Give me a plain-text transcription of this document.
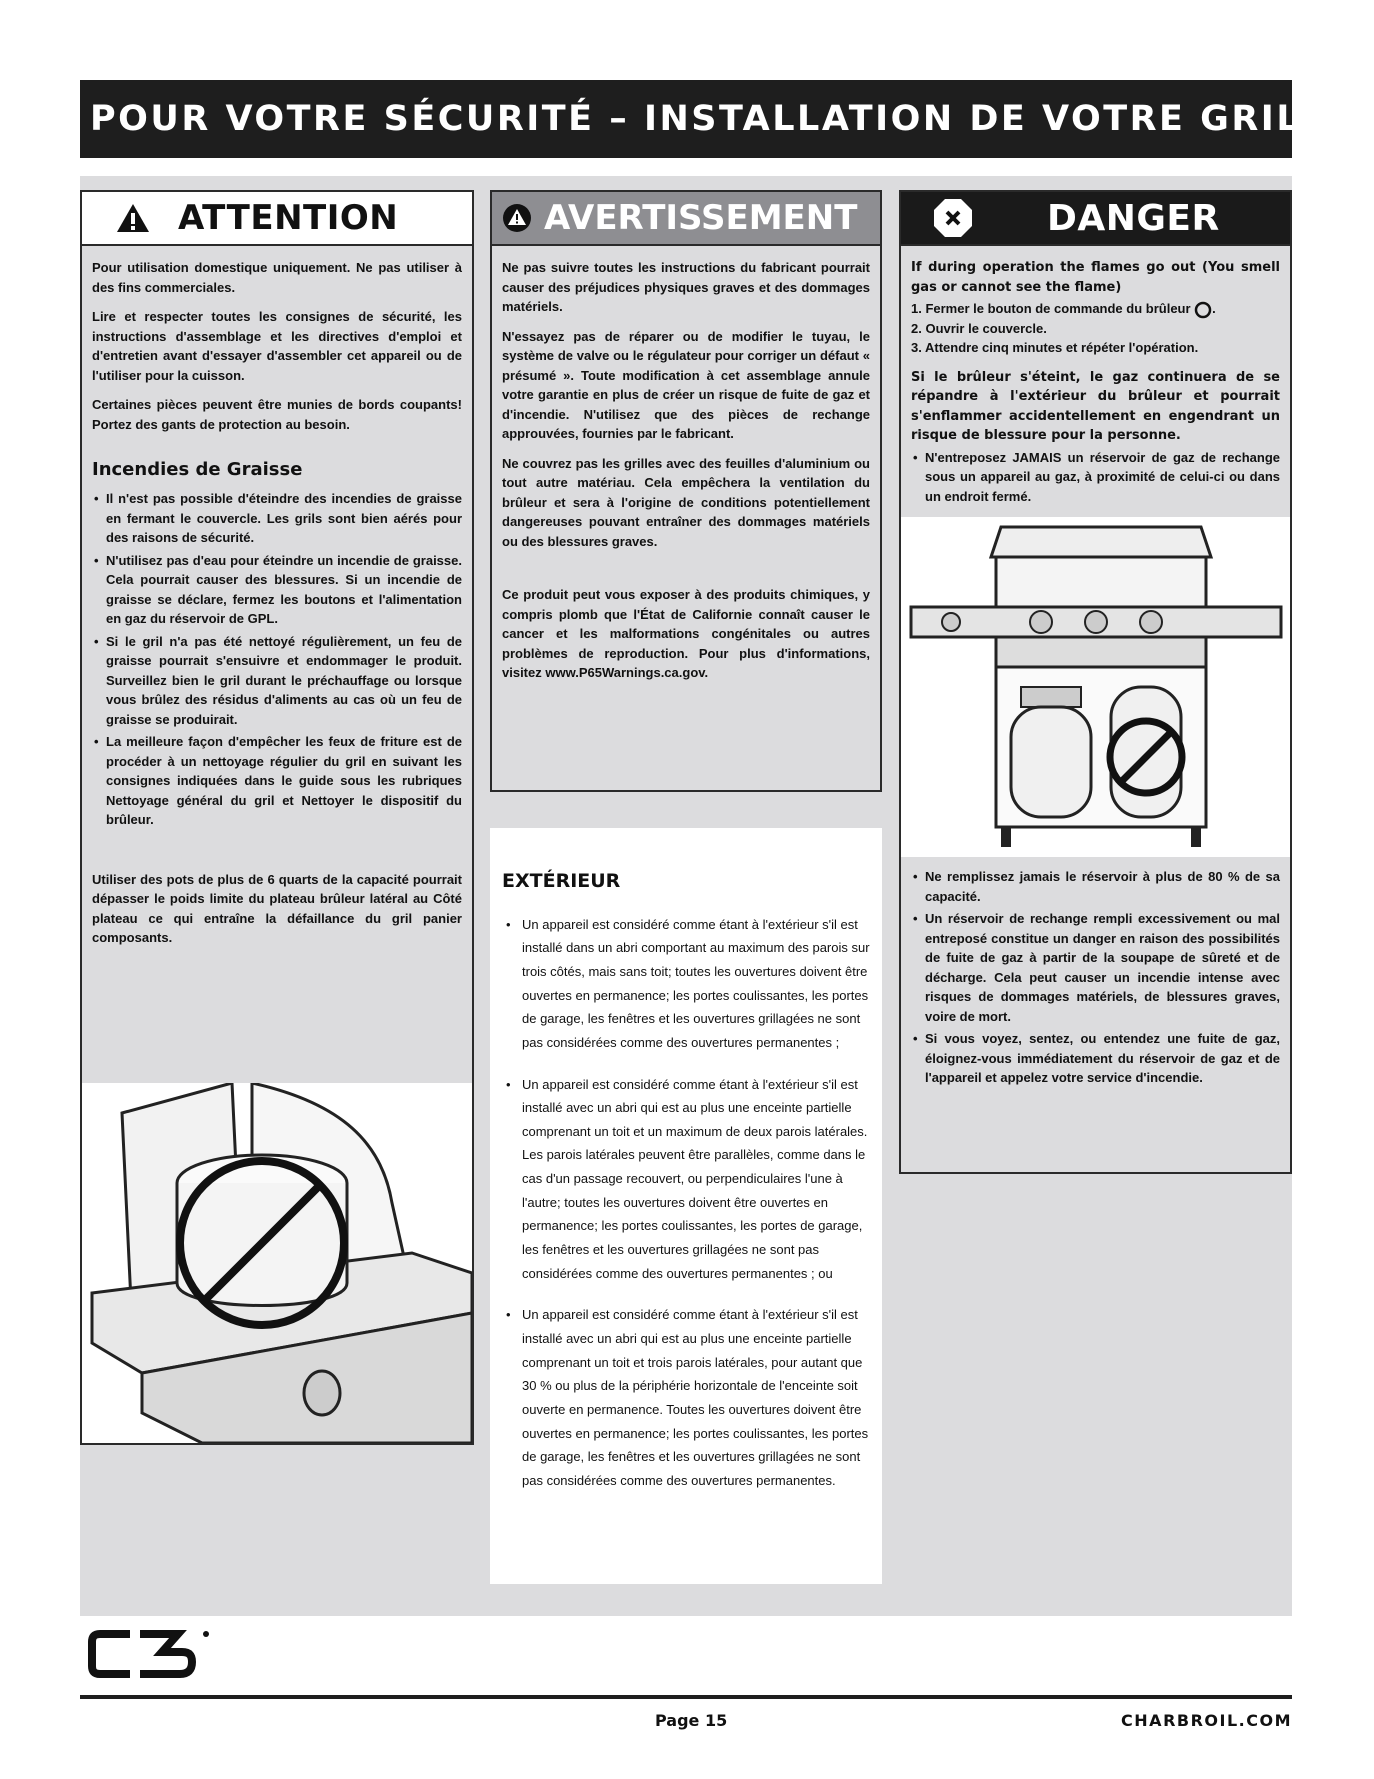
POUR VOTRE SÉCURITÉ – INSTALLATION DE VOTRE GRIL
ATTENTION

Pour utilisation domestique uniquement. Ne pas utiliser à des fins commerciales.

Lire et respecter toutes les consignes de sécurité, les instructions d'assemblage et les directives d'emploi et d'entretien avant d'essayer d'assembler cet appareil ou de l'utiliser pour la cuisson.

Certaines pièces peuvent être munies de bords coupants! Portez des gants de protection au besoin.

Incendies de Graisse
• Il n'est pas possible d'éteindre des incendies de graisse en fermant le couvercle. Les grils sont bien aérés pour des raisons de sécurité.
• N'utilisez pas d'eau pour éteindre un incendie de graisse. Cela pourrait causer des blessures. Si un incendie de graisse se déclare, fermez les boutons et l'alimentation en gaz du réservoir de GPL.
• Si le gril n'a pas été nettoyé régulièrement, un feu de graisse pourrait s'ensuivre et endommager le produit. Surveillez bien le gril durant le préchauffage ou lorsque vous brûlez des résidus d'aliments au cas où un feu de graisse se produirait.
• La meilleure façon d'empêcher les feux de friture est de procéder à un nettoyage régulier du gril en suivant les consignes indiquées dans le guide sous les rubriques Nettoyage général du gril et Nettoyer le dispositif du brûleur.

Utiliser des pots de plus de 6 quarts de la capacité pourrait dépasser le poids limite du plateau brûleur latéral au Côté plateau ce qui entraîne la défaillance du gril panier composants.

AVERTISSEMENT

Ne pas suivre toutes les instructions du fabricant pourrait causer des préjudices physiques graves et des dommages matériels.

N'essayez pas de réparer ou de modifier le tuyau, le système de valve ou le régulateur pour corriger un défaut « présumé ». Toute modification à cet assemblage annule votre garantie en plus de créer un risque de fuite de gaz et d'incendie. N'utilisez que des pièces de rechange approuvées, fournies par le fabricant.

Ne couvrez pas les grilles avec des feuilles d'aluminium ou tout autre matériau. Cela empêchera la ventilation du brûleur et sera à l'origine de conditions potentiellement dangereuses pouvant entraîner des dommages matériels ou des blessures graves.

Ce produit peut vous exposer à des produits chimiques, y compris plomb que l'État de Californie connaît causer le cancer et les malformations congénitales ou autres problèmes de reproduction. Pour plus d'informations, visitez www.P65Warnings.ca.gov.

EXTÉRIEUR
• Un appareil est considéré comme étant à l'extérieur s'il est installé dans un abri comportant au maximum des parois sur trois côtés, mais sans toit; toutes les ouvertures doivent être ouvertes en permanence; les portes coulissantes, les portes de garage, les fenêtres et les ouvertures grillagées ne sont pas considérées comme des ouvertures permanentes ;
• Un appareil est considéré comme étant à l'extérieur s'il est installé avec un abri qui est au plus une enceinte partielle comprenant un toit et un maximum de deux parois latérales. Les parois latérales peuvent être parallèles, comme dans le cas d'un passage recouvert, ou perpendiculaires l'une à l'autre; toutes les ouvertures doivent être ouvertes en permanence; les portes coulissantes, les portes de garage, les fenêtres et les ouvertures grillagées ne sont pas considérées comme des ouvertures permanentes ; ou
• Un appareil est considéré comme étant à l'extérieur s'il est installé avec un abri qui est au plus une enceinte partielle comprenant un toit et trois parois latérales, pour autant que 30 % ou plus de la périphérie horizontale de l'enceinte soit ouverte en permanence. Toutes les ouvertures doivent être ouvertes en permanence; les portes coulissantes, les portes de garage, les fenêtres et les ouvertures grillagées ne sont pas considérées comme des ouvertures permanentes.
DANGER

If during operation the flames go out (You smell gas or cannot see the flame)

1. Fermer le bouton de commande du brûleur .
2. Ouvrir le couvercle.
3. Attendre cinq minutes et répéter l'opération.

Si le brûleur s'éteint, le gaz continuera de se répandre à l'extérieur du brûleur et pourrait s'enflammer accidentellement en engendrant un risque de blessure pour la personne.

• N'entreposez JAMAIS un réservoir de gaz de rechange sous un appareil au gaz, à proximité de celui-ci ou dans un endroit fermé.
• Ne remplissez jamais le réservoir à plus de 80 % de sa capacité.
• Un réservoir de rechange rempli excessivement ou mal entreposé constitue un danger en raison des possibilités de fuite de gaz à partir de la soupape de sûreté et de décharge. Cela peut causer un incendie intense avec risques de dommages matériels, de blessures graves, voire de mort.
• Si vous voyez, sentez, ou entendez une fuite de gaz, éloignez-vous immédiatement du réservoir de gaz et de l'appareil et appelez votre service d'incendie.
Page 15	CHARBROIL.COM
